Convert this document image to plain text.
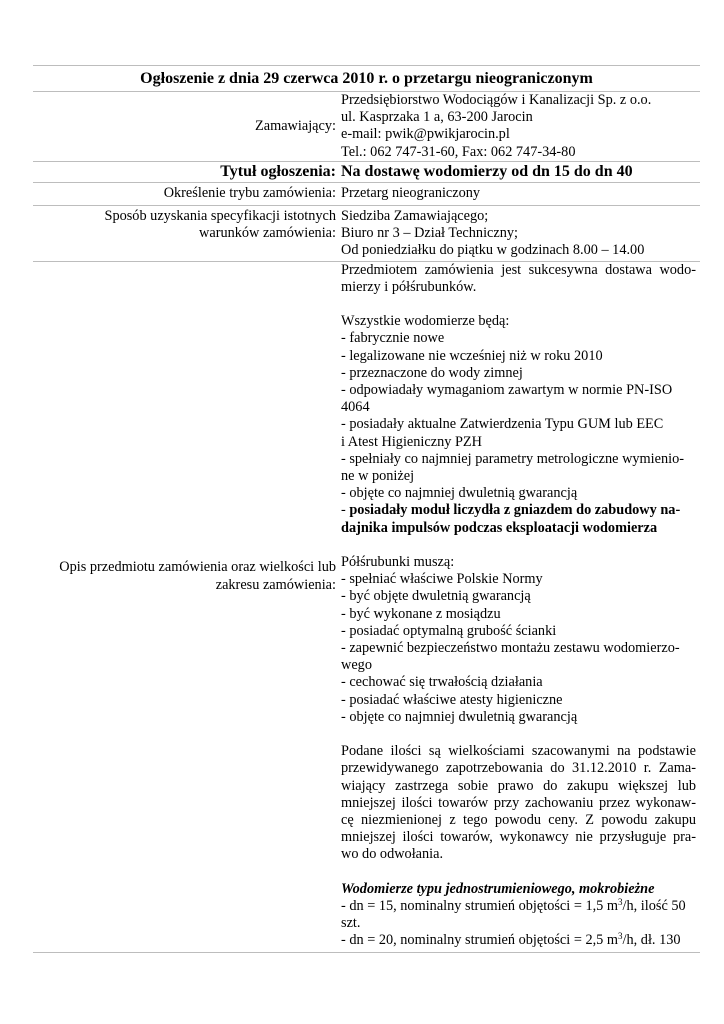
Ogłoszenie z dnia 29 czerwca 2010 r. o przetargu nieograniczonym
Zamawiający:
Przedsiębiorstwo Wodociągów i Kanalizacji Sp. z o.o.
ul. Kasprzaka 1 a, 63-200 Jarocin
e-mail: pwik@pwikjarocin.pl
Tel.: 062 747-31-60, Fax: 062 747-34-80
Tytuł ogłoszenia: Na dostawę wodomierzy od dn 15 do dn 40
Określenie trybu zamówienia: Przetarg nieograniczony
Sposób uzyskania specyfikacji istotnych
warunków zamówienia:
Siedziba Zamawiającego;
Biuro nr 3 – Dział Techniczny;
Od poniedziałku do piątku w godzinach 8.00 – 14.00
Opis przedmiotu zamówienia oraz wielkości lub
zakresu zamówienia:
Przedmiotem zamówienia jest sukcesywna dostawa wodo-
mierzy i półśrubunków.
Wszystkie wodomierze będą:
- fabrycznie nowe
- legalizowane nie wcześniej niż w roku 2010
- przeznaczone do wody zimnej
- odpowiadały wymaganiom zawartym w normie PN-ISO
4064
- posiadały aktualne Zatwierdzenia Typu GUM lub EEC
i Atest Higieniczny PZH
- spełniały co najmniej parametry metrologiczne wymienio-
ne w poniżej
- objęte co najmniej dwuletnią gwarancją
- posiadały moduł liczydła z gniazdem do zabudowy na-
dajnika impulsów podczas eksploatacji wodomierza
Półśrubunki muszą:
- spełniać właściwe Polskie Normy
- być objęte dwuletnią gwarancją
- być wykonane z mosiądzu
- posiadać optymalną grubość ścianki
- zapewnić bezpieczeństwo montażu zestawu wodomierzo-
wego
- cechować się trwałością działania
- posiadać właściwe atesty higieniczne
- objęte co najmniej dwuletnią gwarancją
Podane ilości są wielkościami szacowanymi na podstawie
przewidywanego zapotrzebowania do 31.12.2010 r. Zama-
wiający zastrzega sobie prawo do zakupu większej lub
mniejszej ilości towarów przy zachowaniu przez wykonaw-
cę niezmienionej z tego powodu ceny. Z powodu zakupu
mniejszej ilości towarów, wykonawcy nie przysługuje pra-
wo do odwołania.
Wodomierze typu jednostrumieniowego, mokrobieżne
- dn = 15, nominalny strumień objętości = 1,5 $m^3/h$, ilość 50
szt.
- dn = 20, nominalny strumień objętości = 2,5 $m^3/h$, dł. 130
